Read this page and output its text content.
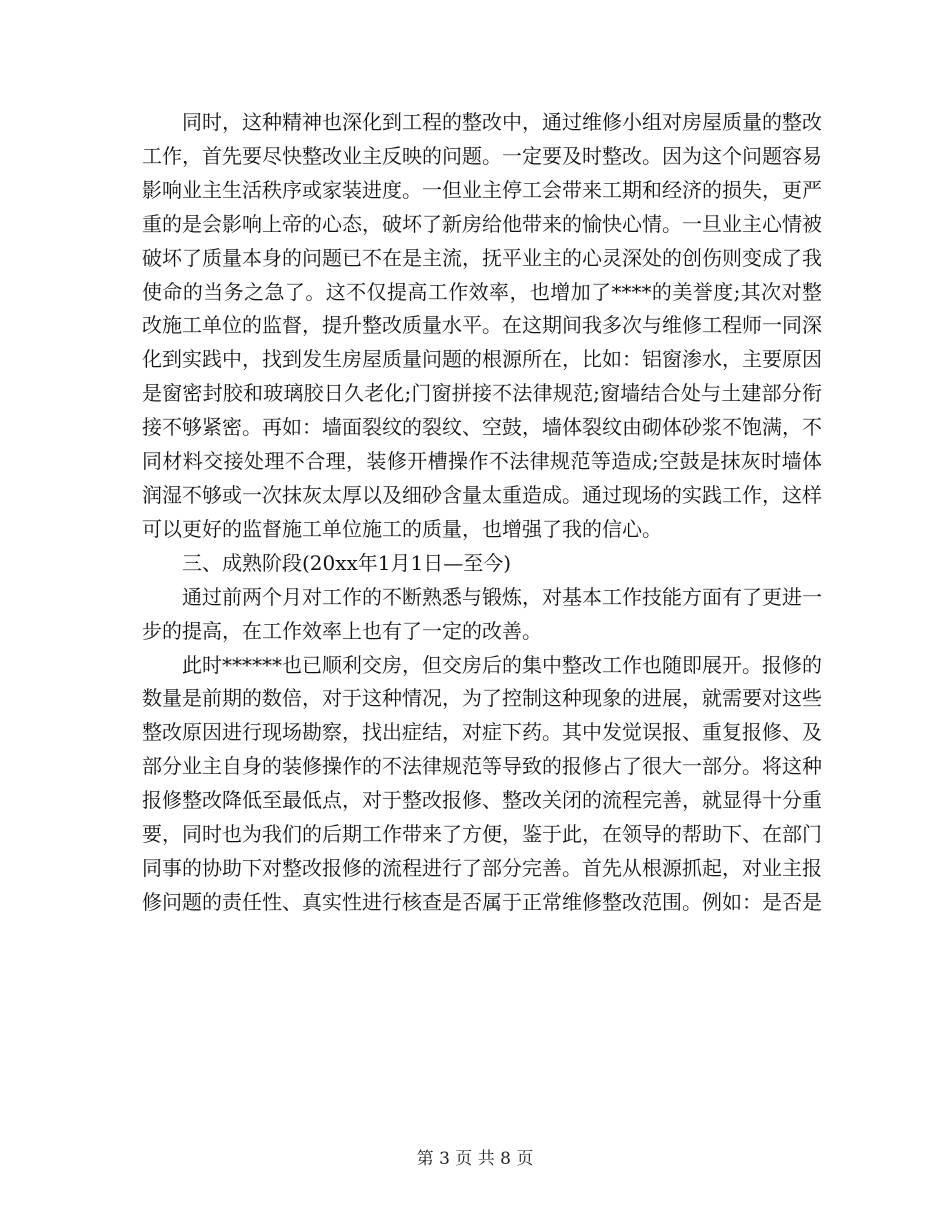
同时，这种精神也深化到工程的整改中，通过维修小组对房屋质量的整改工作，首先要尽快整改业主反映的问题。一定要及时整改。因为这个问题容易影响业主生活秩序或家装进度。一但业主停工会带来工期和经济的损失，更严重的是会影响上帝的心态，破坏了新房给他带来的愉快心情。一旦业主心情被破坏了质量本身的问题已不在是主流，抚平业主的心灵深处的创伤则变成了我使命的当务之急了。这不仅提高工作效率，也增加了****的美誉度;其次对整改施工单位的监督，提升整改质量水平。在这期间我多次与维修工程师一同深化到实践中，找到发生房屋质量问题的根源所在，比如：铝窗渗水，主要原因是窗密封胶和玻璃胶日久老化;门窗拼接不法律规范;窗墙结合处与土建部分衔接不够紧密。再如：墙面裂纹的裂纹、空鼓，墙体裂纹由砌体砂浆不饱满，不同材料交接处理不合理，装修开槽操作不法律规范等造成;空鼓是抹灰时墙体润湿不够或一次抹灰太厚以及细砂含量太重造成。通过现场的实践工作，这样可以更好的监督施工单位施工的质量，也增强了我的信心。

三、成熟阶段(20xx年1月1日—至今)

通过前两个月对工作的不断熟悉与锻炼，对基本工作技能方面有了更进一步的提高，在工作效率上也有了一定的改善。

此时******也已顺利交房，但交房后的集中整改工作也随即展开。报修的数量是前期的数倍，对于这种情况，为了控制这种现象的进展，就需要对这些整改原因进行现场勘察，找出症结，对症下药。其中发觉误报、重复报修、及部分业主自身的装修操作的不法律规范等导致的报修占了很大一部分。将这种报修整改降低至最低点，对于整改报修、整改关闭的流程完善，就显得十分重要，同时也为我们的后期工作带来了方便，鉴于此，在领导的帮助下、在部门同事的协助下对整改报修的流程进行了部分完善。首先从根源抓起，对业主报修问题的责任性、真实性进行核查是否属于正常维修整改范围。例如：是否是

第 3 页 共 8 页
